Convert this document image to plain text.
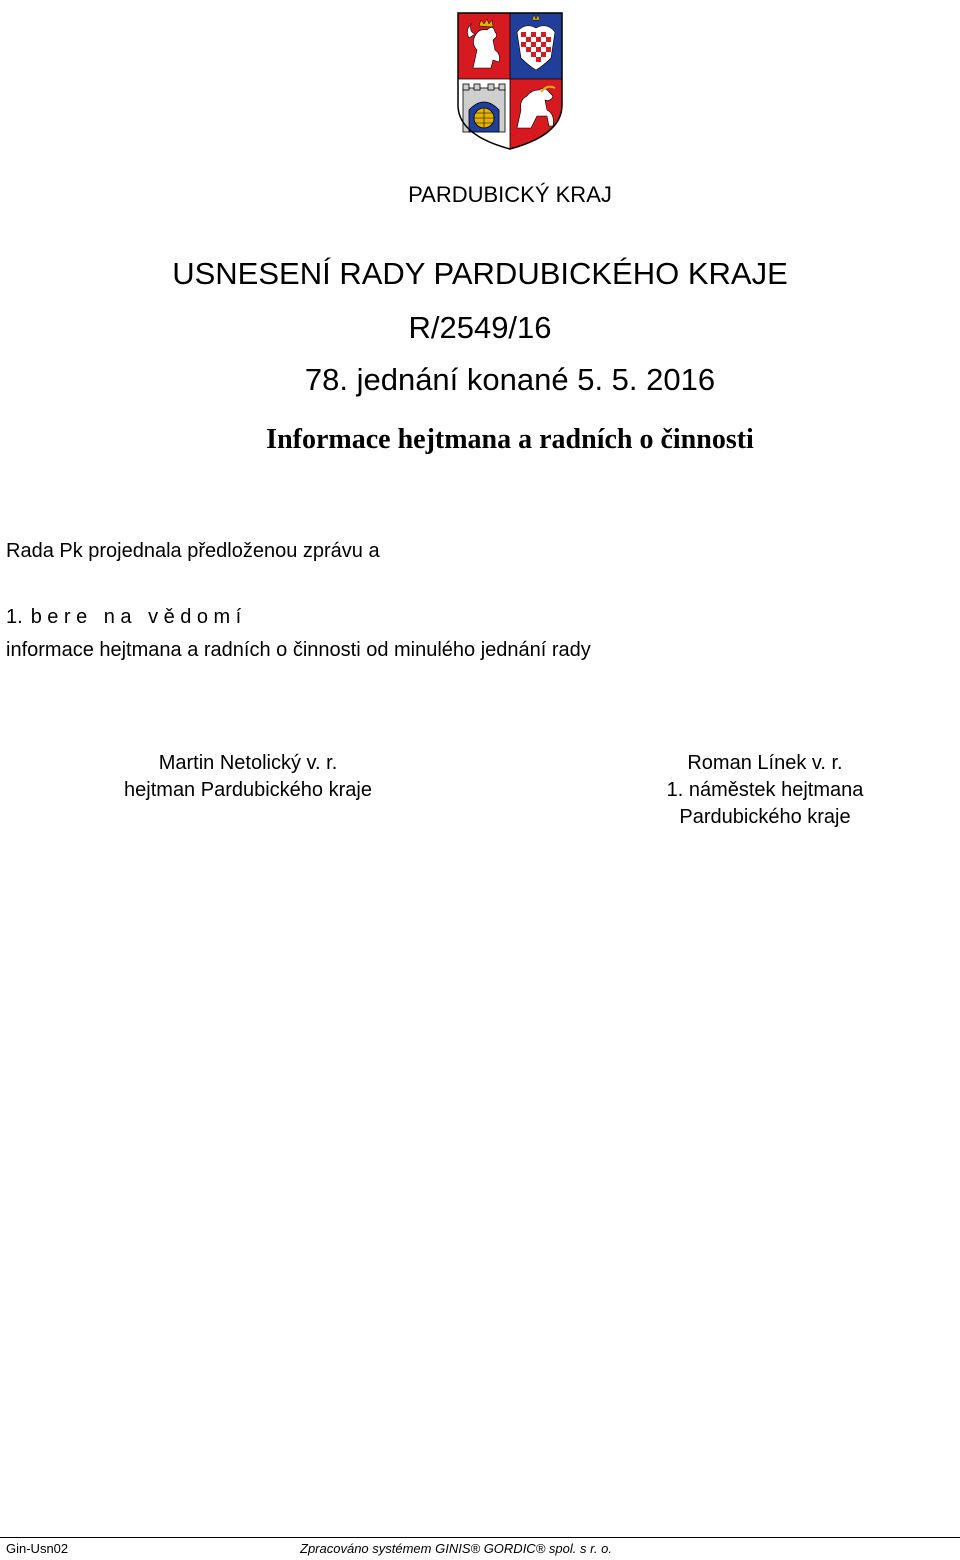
PARDUBICKÝ KRAJ
USNESENÍ RADY PARDUBICKÉHO KRAJE
R/2549/16
78. jednání konané 5. 5. 2016
Informace hejtmana a radních o činnosti
Rada Pk projednala předloženou zprávu a
1. bere na vědomí
informace hejtmana a radních o činnosti od minulého jednání rady
Martin Netolický v. r.
hejtman Pardubického kraje
Roman Línek v. r.
1. náměstek hejtmana
Pardubického kraje
Gin-Usn02	Zpracováno systémem GINIS® GORDIC® spol. s r. o.
